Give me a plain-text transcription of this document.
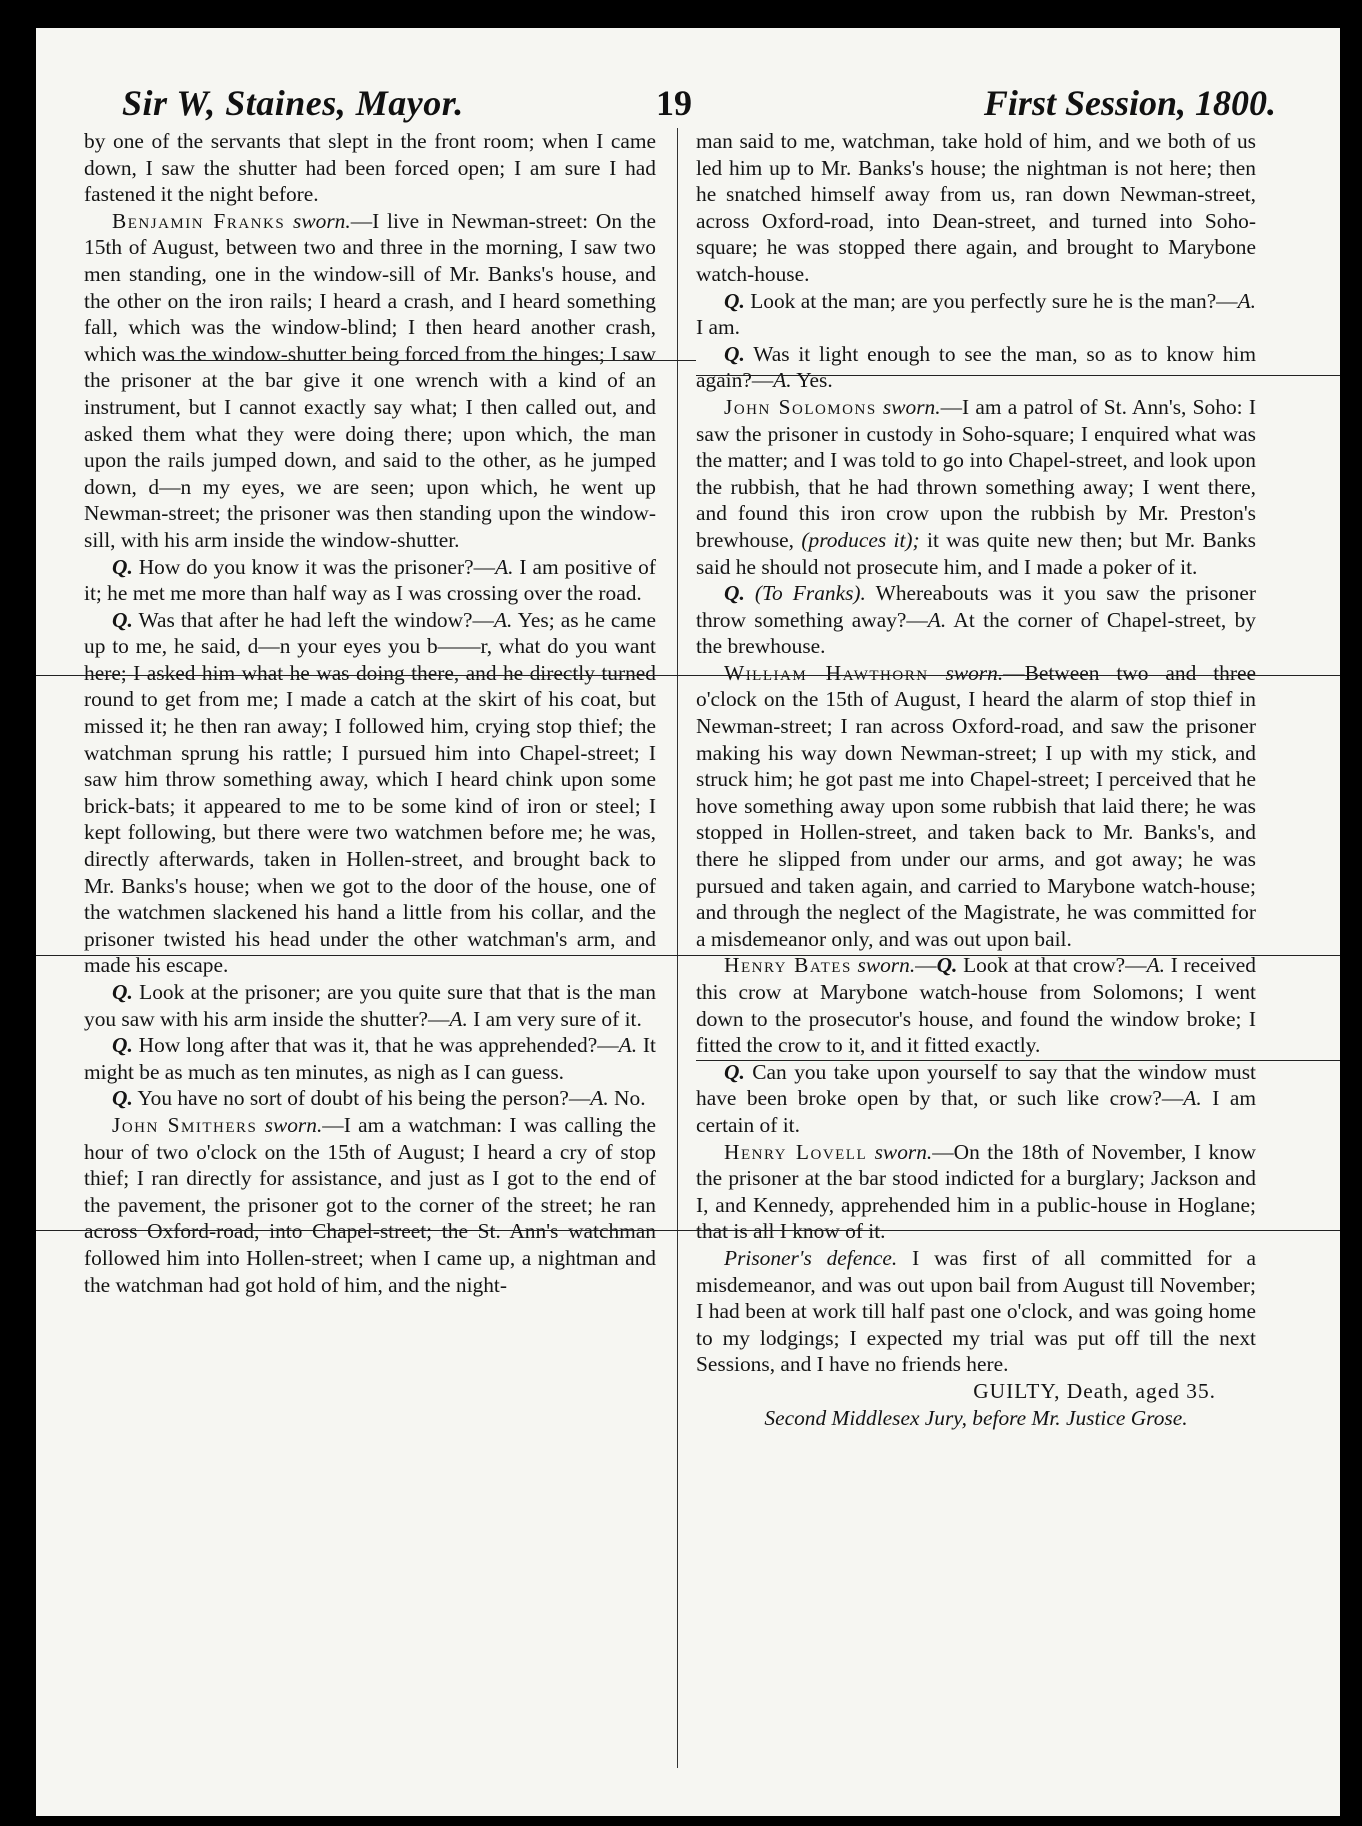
Sir W, Staines, Mayor.	19	First Session, 1800.

by one of the servants that slept in the front room; when I came down, I saw the shutter had been forced open; I am sure I had fastened it the night before.

Benjamin Franks sworn.—I live in Newman-street: On the 15th of August, between two and three in the morning, I saw two men standing, one in the window-sill of Mr. Banks's house, and the other on the iron rails; I heard a crash, and I heard something fall, which was the window-blind; I then heard another crash, which was the window-shutter being forced from the hinges; I saw the prisoner at the bar give it one wrench with a kind of an instrument, but I cannot exactly say what; I then called out, and asked them what they were doing there; upon which, the man upon the rails jumped down, and said to the other, as he jumped down, d—n my eyes, we are seen; upon which, he went up Newman-street; the prisoner was then standing upon the window-sill, with his arm inside the window-shutter.

Q. How do you know it was the prisoner?—A. I am positive of it; he met me more than half way as I was crossing over the road.

Q. Was that after he had left the window?—A. Yes; as he came up to me, he said, d—n your eyes you b——r, what do you want here; I asked him what he was doing there, and he directly turned round to get from me; I made a catch at the skirt of his coat, but missed it; he then ran away; I followed him, crying stop thief; the watchman sprung his rattle; I pursued him into Chapel-street; I saw him throw something away, which I heard chink upon some brick-bats; it appeared to me to be some kind of iron or steel; I kept following, but there were two watchmen before me; he was, directly afterwards, taken in Hollen-street, and brought back to Mr. Banks's house; when we got to the door of the house, one of the watchmen slackened his hand a little from his collar, and the prisoner twisted his head under the other watchman's arm, and made his escape.

Q. Look at the prisoner; are you quite sure that that is the man you saw with his arm inside the shutter?—A. I am very sure of it.

Q. How long after that was it, that he was apprehended?—A. It might be as much as ten minutes, as nigh as I can guess.

Q. You have no sort of doubt of his being the person?—A. No.

John Smithers sworn.—I am a watchman: I was calling the hour of two o'clock on the 15th of August; I heard a cry of stop thief; I ran directly for assistance, and just as I got to the end of the pavement, the prisoner got to the corner of the street; he ran across Oxford-road, into Chapel-street; the St. Ann's watchman followed him into Hollen-street; when I came up, a nightman and the watchman had got hold of him, and the night-

man said to me, watchman, take hold of him, and we both of us led him up to Mr. Banks's house; the nightman is not here; then he snatched himself away from us, ran down Newman-street, across Oxford-road, into Dean-street, and turned into Soho-square; he was stopped there again, and brought to Marybone watch-house.

Q. Look at the man; are you perfectly sure he is the man?—A. I am.

Q. Was it light enough to see the man, so as to know him again?—A. Yes.

John Solomons sworn.—I am a patrol of St. Ann's, Soho: I saw the prisoner in custody in Soho-square; I enquired what was the matter; and I was told to go into Chapel-street, and look upon the rubbish, that he had thrown something away; I went there, and found this iron crow upon the rubbish by Mr. Preston's brewhouse, (produces it); it was quite new then; but Mr. Banks said he should not prosecute him, and I made a poker of it.

Q. (To Franks). Whereabouts was it you saw the prisoner throw something away?—A. At the corner of Chapel-street, by the brewhouse.

William Hawthorn sworn.—Between two and three o'clock on the 15th of August, I heard the alarm of stop thief in Newman-street; I ran across Oxford-road, and saw the prisoner making his way down Newman-street; I up with my stick, and struck him; he got past me into Chapel-street; I perceived that he hove something away upon some rubbish that laid there; he was stopped in Hollen-street, and taken back to Mr. Banks's, and there he slipped from under our arms, and got away; he was pursued and taken again, and carried to Marybone watch-house; and through the neglect of the Magistrate, he was committed for a misdemeanor only, and was out upon bail.

Henry Bates sworn.—Q. Look at that crow?—A. I received this crow at Marybone watch-house from Solomons; I went down to the prosecutor's house, and found the window broke; I fitted the crow to it, and it fitted exactly.

Q. Can you take upon yourself to say that the window must have been broke open by that, or such like crow?—A. I am certain of it.

Henry Lovell sworn.—On the 18th of November, I know the prisoner at the bar stood indicted for a burglary; Jackson and I, and Kennedy, apprehended him in a public-house in Hoglane; that is all I know of it.

Prisoner's defence. I was first of all committed for a misdemeanor, and was out upon bail from August till November; I had been at work till half past one o'clock, and was going home to my lodgings; I expected my trial was put off till the next Sessions, and I have no friends here.

GUILTY, Death, aged 35.

Second Middlesex Jury, before Mr. Justice Grose.
